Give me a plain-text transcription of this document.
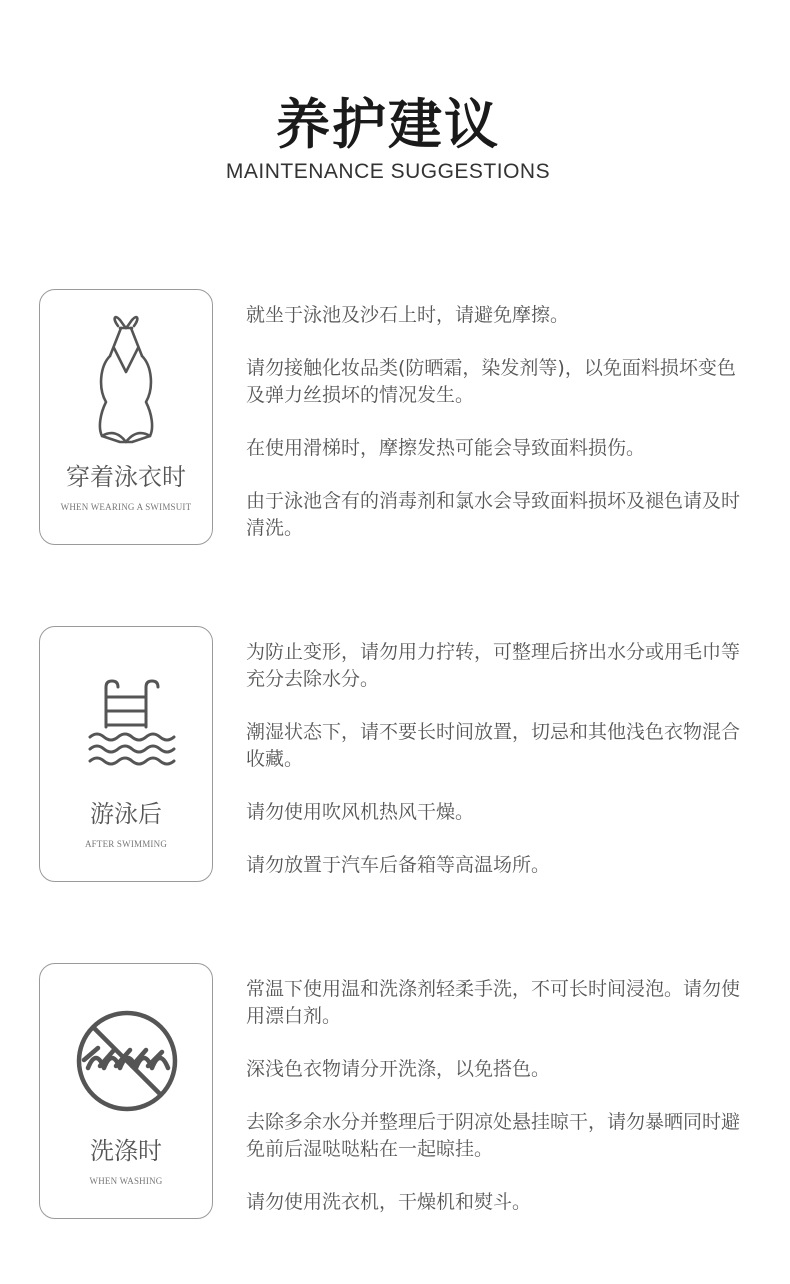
养护建议
MAINTENANCE SUGGESTIONS
穿着泳衣时
WHEN WEARING A SWIMSUIT

就坐于泳池及沙石上时，请避免摩擦。

请勿接触化妆品类(防晒霜，染发剂等)，以免面料损坏变色及弹力丝损坏的情况发生。

在使用滑梯时，摩擦发热可能会导致面料损伤。

由于泳池含有的消毒剂和氯水会导致面料损坏及褪色请及时清洗。

游泳后
AFTER SWIMMING

为防止变形，请勿用力拧转，可整理后挤出水分或用毛巾等充分去除水分。

潮湿状态下，请不要长时间放置，切忌和其他浅色衣物混合收藏。

请勿使用吹风机热风干燥。

请勿放置于汽车后备箱等高温场所。

洗涤时
WHEN WASHING

常温下使用温和洗涤剂轻柔手洗，不可长时间浸泡。请勿使用漂白剂。

深浅色衣物请分开洗涤，以免搭色。

去除多余水分并整理后于阴凉处悬挂晾干，请勿暴晒同时避免前后湿哒哒粘在一起晾挂。

请勿使用洗衣机，干燥机和熨斗。
